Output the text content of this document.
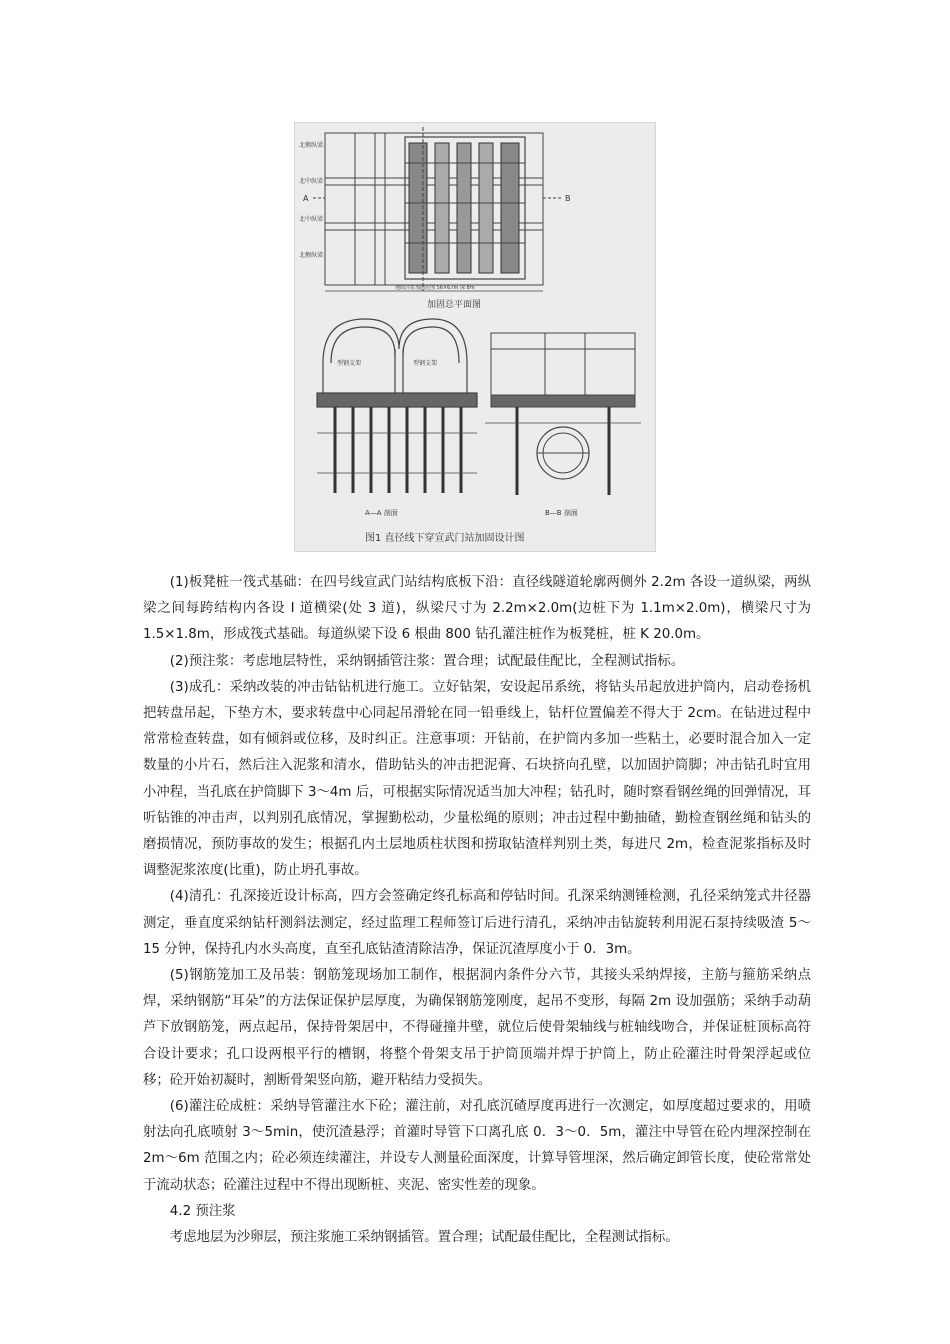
北侧纵梁
北中纵梁
北中纵梁
北侧纵梁
B
A
地面注浆加固范围 56×67m 深 8m
加固总平面图
型钢支架	型钢支架
A—A 剖面	B—B 剖面
图1 直径线下穿宣武门站加固设计图

(1)板凳桩一筏式基础：在四号线宣武门站结构底板下沿：直径线隧道轮廓两侧外 2.2m 各设一道纵梁，两纵梁之间每跨结构内各设 I 道横梁(处 3 道)，纵梁尺寸为 2.2m×2.0m(边桩下为 1.1m×2.0m)，横梁尺寸为 1.5×1.8m，形成筏式基础。每道纵梁下设 6 根曲 800 钻孔灌注桩作为板凳桩，桩 K 20.0m。

(2)预注浆：考虑地层特性，采纳钢插管注浆：置合理；试配最佳配比，全程测试指标。

(3)成孔：采纳改装的冲击钻钻机进行施工。立好钻架，安设起吊系统，将钻头吊起放进护筒内，启动卷扬机把转盘吊起，下垫方木，要求转盘中心同起吊滑轮在同一铅垂线上，钻杆位置偏差不得大于 2cm。在钻进过程中常常检查转盘，如有倾斜或位移，及时纠正。注意事项：开钻前，在护筒内多加一些粘土，必要时混合加入一定数量的小片石，然后注入泥浆和清水，借助钻头的冲击把泥膏、石块挤向孔壁，以加固护筒脚；冲击钻孔时宜用小冲程，当孔底在护筒脚下 3～4m 后，可根据实际情况适当加大冲程；钻孔时，随时察看钢丝绳的回弹情况，耳听钻锥的冲击声，以判别孔底情况，掌握勤松动，少量松绳的原则；冲击过程中勤抽碴，勤检查钢丝绳和钻头的磨损情况，预防事故的发生；根据孔内土层地质柱状图和捞取钻渣样判别土类，每进尺 2m，检查泥浆指标及时调整泥浆浓度(比重)，防止坍孔事故。

(4)清孔：孔深接近设计标高，四方会签确定终孔标高和停钻时间。孔深采纳测锤检测，孔径采纳笼式井径器测定，垂直度采纳钻杆测斜法测定，经过监理工程师签订后进行清孔，采纳冲击钻旋转利用泥石泵持续吸渣 5～15 分钟，保持孔内水头高度，直至孔底钻渣清除洁净，保证沉渣厚度小于 0．3m。

(5)钢筋笼加工及吊装：钢筋笼现场加工制作，根据洞内条件分六节，其接头采纳焊接，主筋与箍筋采纳点焊，采纳钢筋“耳朵”的方法保证保护层厚度，为确保钢筋笼刚度，起吊不变形，每隔 2m 设加强筋；采纳手动葫芦下放钢筋笼，两点起吊，保持骨架居中，不得碰撞井壁，就位后使骨架轴线与桩轴线吻合，并保证桩顶标高符合设计要求；孔口设两根平行的槽钢，将整个骨架支吊于护筒顶端并焊于护筒上，防止砼灌注时骨架浮起或位移；砼开始初凝时，割断骨架竖向筋，避开粘结力受损失。

(6)灌注砼成桩：采纳导管灌注水下砼；灌注前，对孔底沉碴厚度再进行一次测定，如厚度超过要求的，用喷射法向孔底喷射 3～5min，使沉渣悬浮；首灌时导管下口离孔底 0．3～0．5m，灌注中导管在砼内埋深控制在 2m～6m 范围之内；砼必须连续灌注，并设专人测量砼面深度，计算导管埋深，然后确定卸管长度，使砼常常处于流动状态；砼灌注过程中不得出现断桩、夹泥、密实性差的现象。

4.2 预注浆

考虑地层为沙卵层，预注浆施工采纳钢插管。置合理；试配最佳配比，全程测试指标。
